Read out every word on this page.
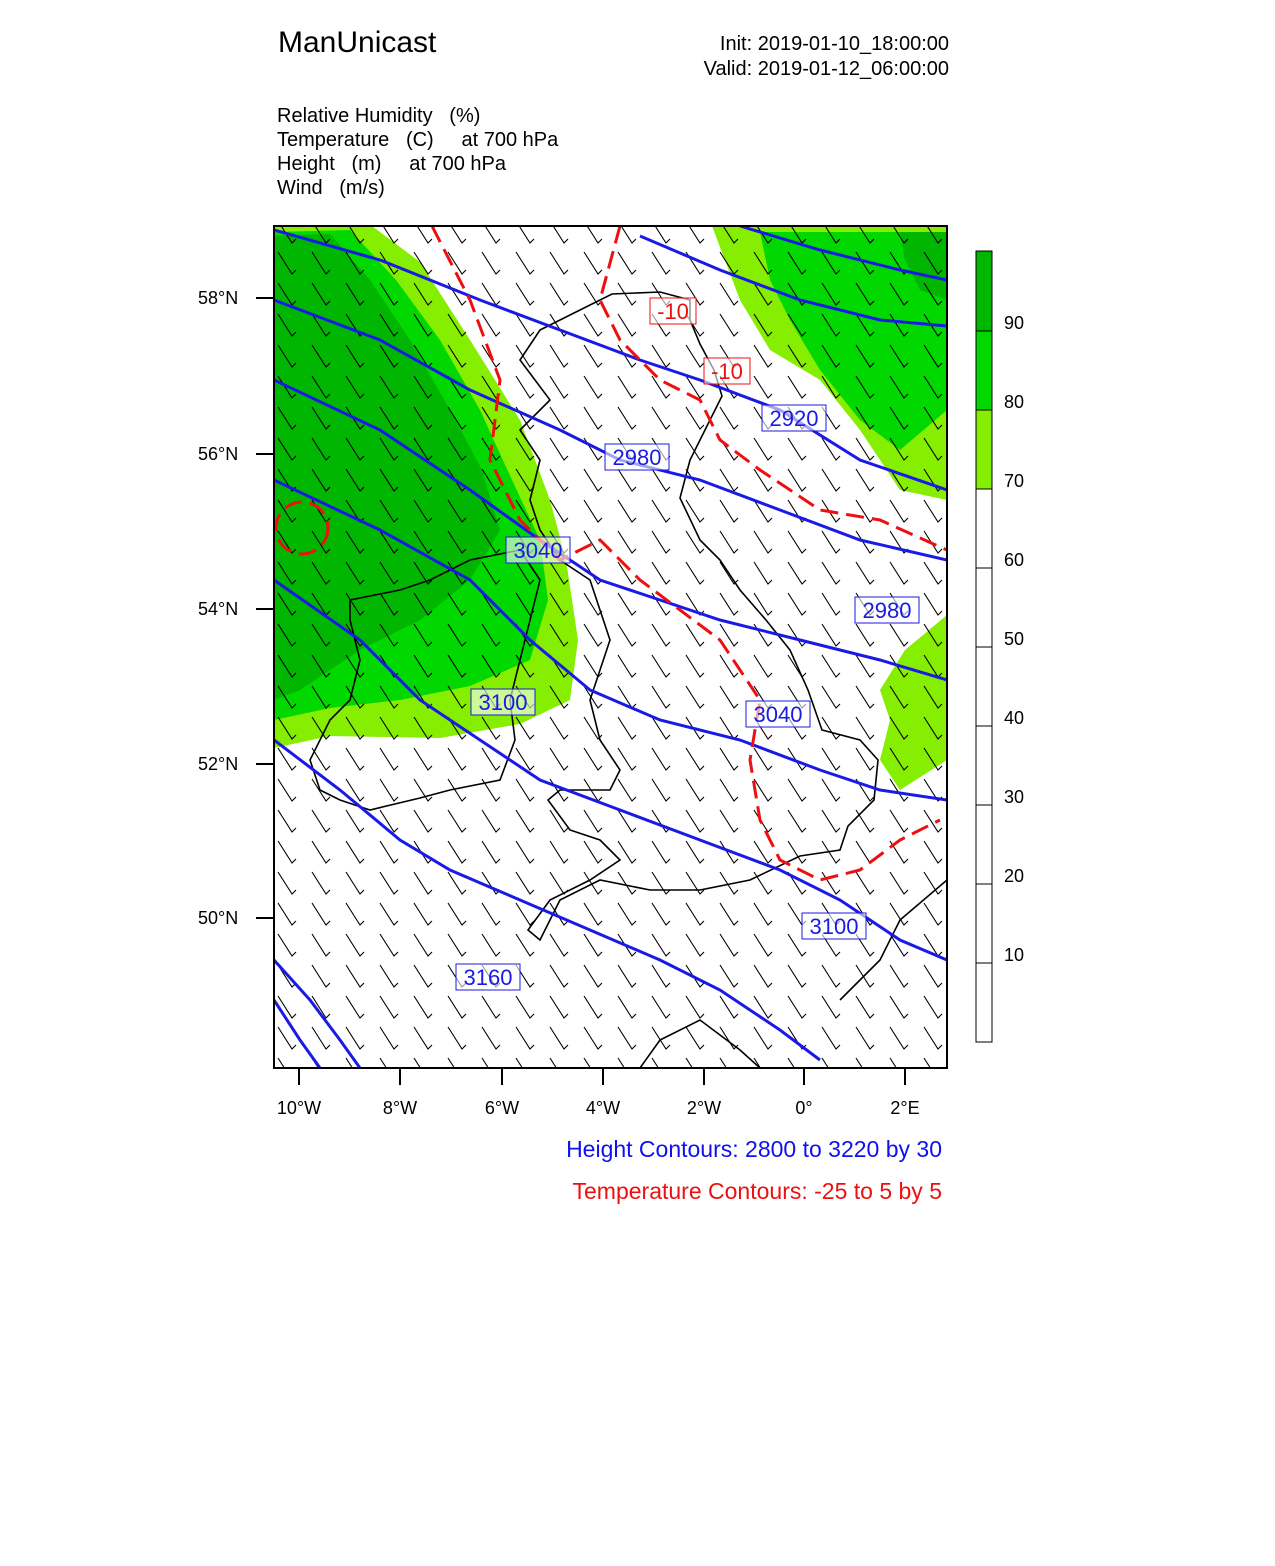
ManUnicast	Init: 2019-01-10_18:00:00
Valid: 2019-01-12_06:00:00
Relative Humidity (%)
Temperature (C) at 700 hPa
Height (m) at 700 hPa
Wind (m/s)
2920
2980
2980
3040
3040
3100
3100
3160
-10
-10
58°N
56°N
54°N
52°N
50°N
10°W	8°W	6°W	4°W	2°W	0°	2°E
90
80
70
60
50
40
30
20
10
Height Contours: 2800 to 3220 by 30
Temperature Contours: -25 to 5 by 5
